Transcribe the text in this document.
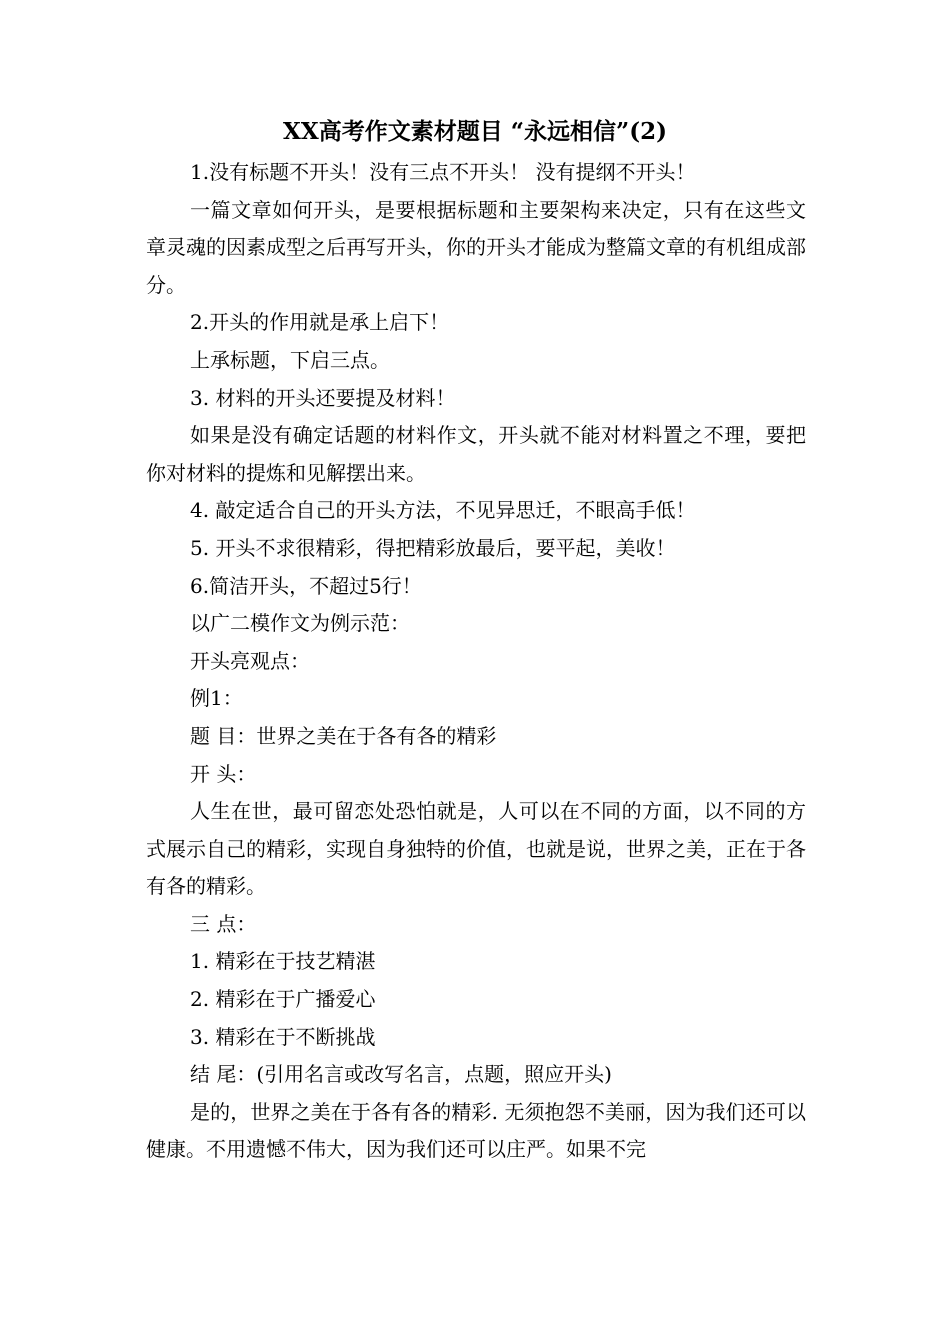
XX高考作文素材题目 “永远相信”(2)

1.没有标题不开头！没有三点不开头！ 没有提纲不开头！

一篇文章如何开头，是要根据标题和主要架构来决定，只有在这些文章灵魂的因素成型之后再写开头，你的开头才能成为整篇文章的有机组成部分。

2.开头的作用就是承上启下！

上承标题，下启三点。

3. 材料的开头还要提及材料！

如果是没有确定话题的材料作文，开头就不能对材料置之不理，要把你对材料的提炼和见解摆出来。

4. 敲定适合自己的开头方法，不见异思迁，不眼高手低！

5. 开头不求很精彩，得把精彩放最后，要平起，美收！

6.简洁开头，不超过5行！

以广二模作文为例示范：

开头亮观点：

例1：

题 目：世界之美在于各有各的精彩

开 头：

人生在世，最可留恋处恐怕就是，人可以在不同的方面，以不同的方式展示自己的精彩，实现自身独特的价值，也就是说，世界之美，正在于各有各的精彩。

三 点：

1. 精彩在于技艺精湛

2. 精彩在于广播爱心

3. 精彩在于不断挑战

结 尾：(引用名言或改写名言，点题，照应开头)

是的，世界之美在于各有各的精彩. 无须抱怨不美丽，因为我们还可以健康。不用遗憾不伟大，因为我们还可以庄严。如果不完
